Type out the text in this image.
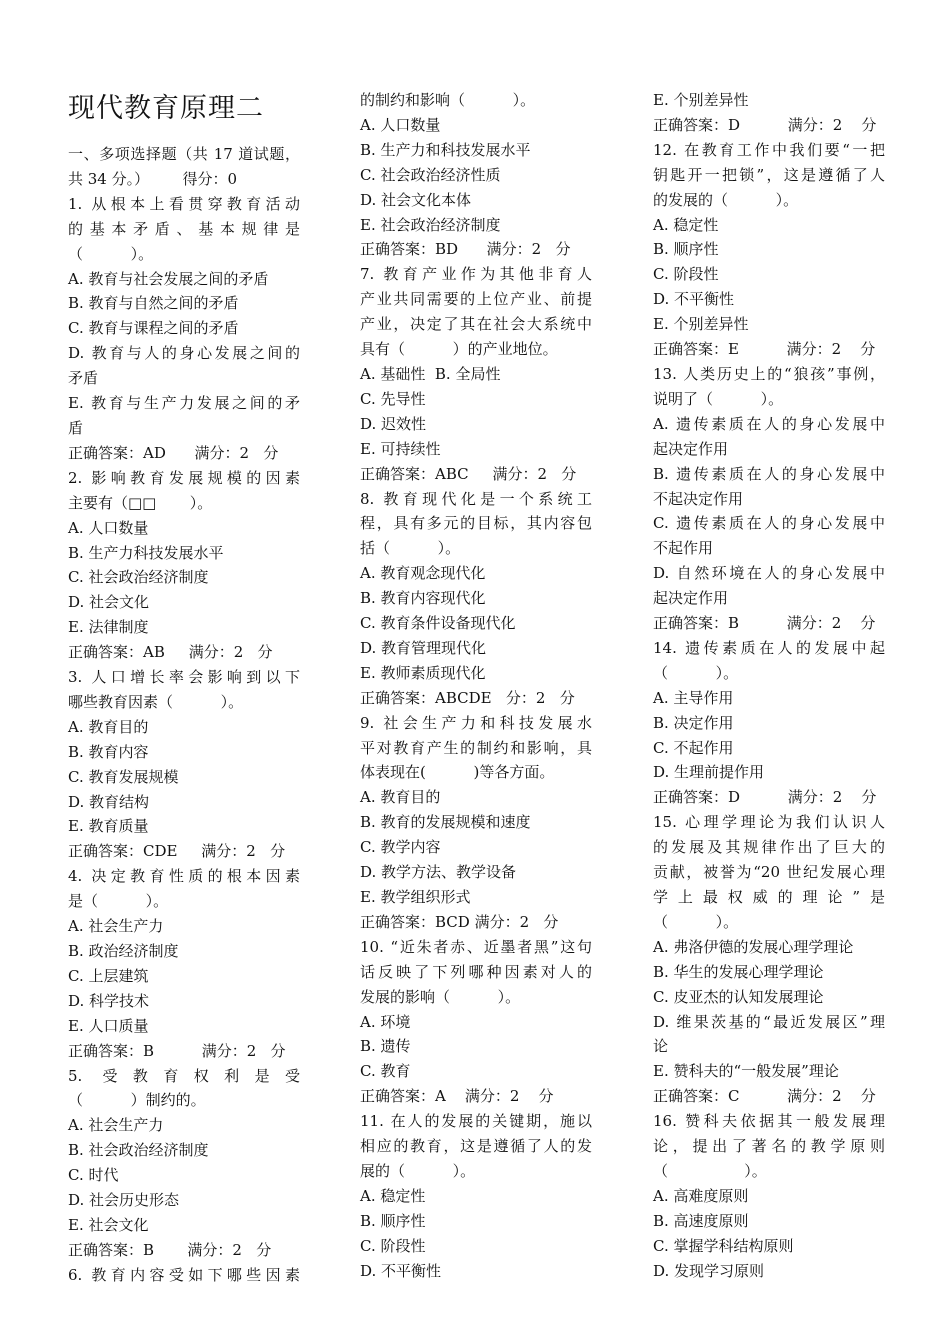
现代教育原理二
一、多项选择题（共 17 道试题，
共 34 分。）       得分：0
1. 从根本上看贯穿教育活动
的基本矛盾、基本规律是
（          ）。
A. 教育与社会发展之间的矛盾
B. 教育与自然之间的矛盾
C. 教育与课程之间的矛盾
D. 教育与人的身心发展之间的
矛盾
E. 教育与生产力发展之间的矛
盾
正确答案：AD      满分：2   分
2. 影响教育发展规模的因素
主要有（□□       ）。
A. 人口数量
B. 生产力科技发展水平
C. 社会政治经济制度
D. 社会文化
E. 法律制度
正确答案：AB     满分：2   分
3. 人口增长率会影响到以下
哪些教育因素（          ）。
A. 教育目的
B. 教育内容
C. 教育发展规模
D. 教育结构
E. 教育质量
正确答案：CDE     满分：2   分
4. 决定教育性质的根本因素
是（          ）。
A. 社会生产力
B. 政治经济制度
C. 上层建筑
D. 科学技术
E. 人口质量
正确答案：B          满分：2   分
5. 受教育权利是受
（          ）制约的。
A. 社会生产力
B. 社会政治经济制度
C. 时代
D. 社会历史形态
E. 社会文化
正确答案：B       满分：2   分
6. 教育内容受如下哪些因素
的制约和影响（          ）。
A. 人口数量
B. 生产力和科技发展水平
C. 社会政治经济性质
D. 社会文化本体
E. 社会政治经济制度
正确答案：BD      满分：2   分
7. 教育产业作为其他非育人
产业共同需要的上位产业、前提
产业，决定了其在社会大系统中
具有（          ）的产业地位。
A. 基础性  B. 全局性
C. 先导性
D. 迟效性
E. 可持续性
正确答案：ABC     满分：2   分
8. 教育现代化是一个系统工
程，具有多元的目标，其内容包
括（          ）。
A. 教育观念现代化
B. 教育内容现代化
C. 教育条件设备现代化
D. 教育管理现代化
E. 教师素质现代化
正确答案：ABCDE   分：2   分
9. 社会生产力和科技发展水
平对教育产生的制约和影响，具
体表现在(          )等各方面。
A. 教育目的
B. 教育的发展规模和速度
C. 教学内容
D. 教学方法、教学设备
E. 教学组织形式
正确答案：BCD 满分：2   分
10. “近朱者赤、近墨者黑”这句
话反映了下列哪种因素对人的
发展的影响（          ）。
A. 环境
B. 遗传
C. 教育
正确答案：A    满分：2    分
11. 在人的发展的关键期，施以
相应的教育，这是遵循了人的发
展的（          ）。
A. 稳定性
B. 顺序性
C. 阶段性
D. 不平衡性
E. 个别差异性
正确答案：D          满分：2    分
12. 在教育工作中我们要“一把
钥匙开一把锁”，这是遵循了人
的发展的（          ）。
A. 稳定性
B. 顺序性
C. 阶段性
D. 不平衡性
E. 个别差异性
正确答案：E          满分：2    分
13. 人类历史上的“狼孩”事例，
说明了（          ）。
A. 遗传素质在人的身心发展中
起决定作用
B. 遗传素质在人的身心发展中
不起决定作用
C. 遗传素质在人的身心发展中
不起作用
D. 自然环境在人的身心发展中
起决定作用
正确答案：B          满分：2    分
14. 遗传素质在人的发展中起
（          ）。
A. 主导作用
B. 决定作用
C. 不起作用
D. 生理前提作用
正确答案：D          满分：2    分
15. 心理学理论为我们认识人
的发展及其规律作出了巨大的
贡献，被誉为“20 世纪发展心理
学上最权威的理论”是
（          ）。
A. 弗洛伊德的发展心理学理论
B. 华生的发展心理学理论
C. 皮亚杰的认知发展理论
D. 维果茨基的“最近发展区”理
论
E. 赞科夫的“一般发展”理论
正确答案：C          满分：2    分
16. 赞科夫依据其一般发展理
论，提出了著名的教学原则
（                ）。
A. 高难度原则
B. 高速度原则
C. 掌握学科结构原则
D. 发现学习原则
